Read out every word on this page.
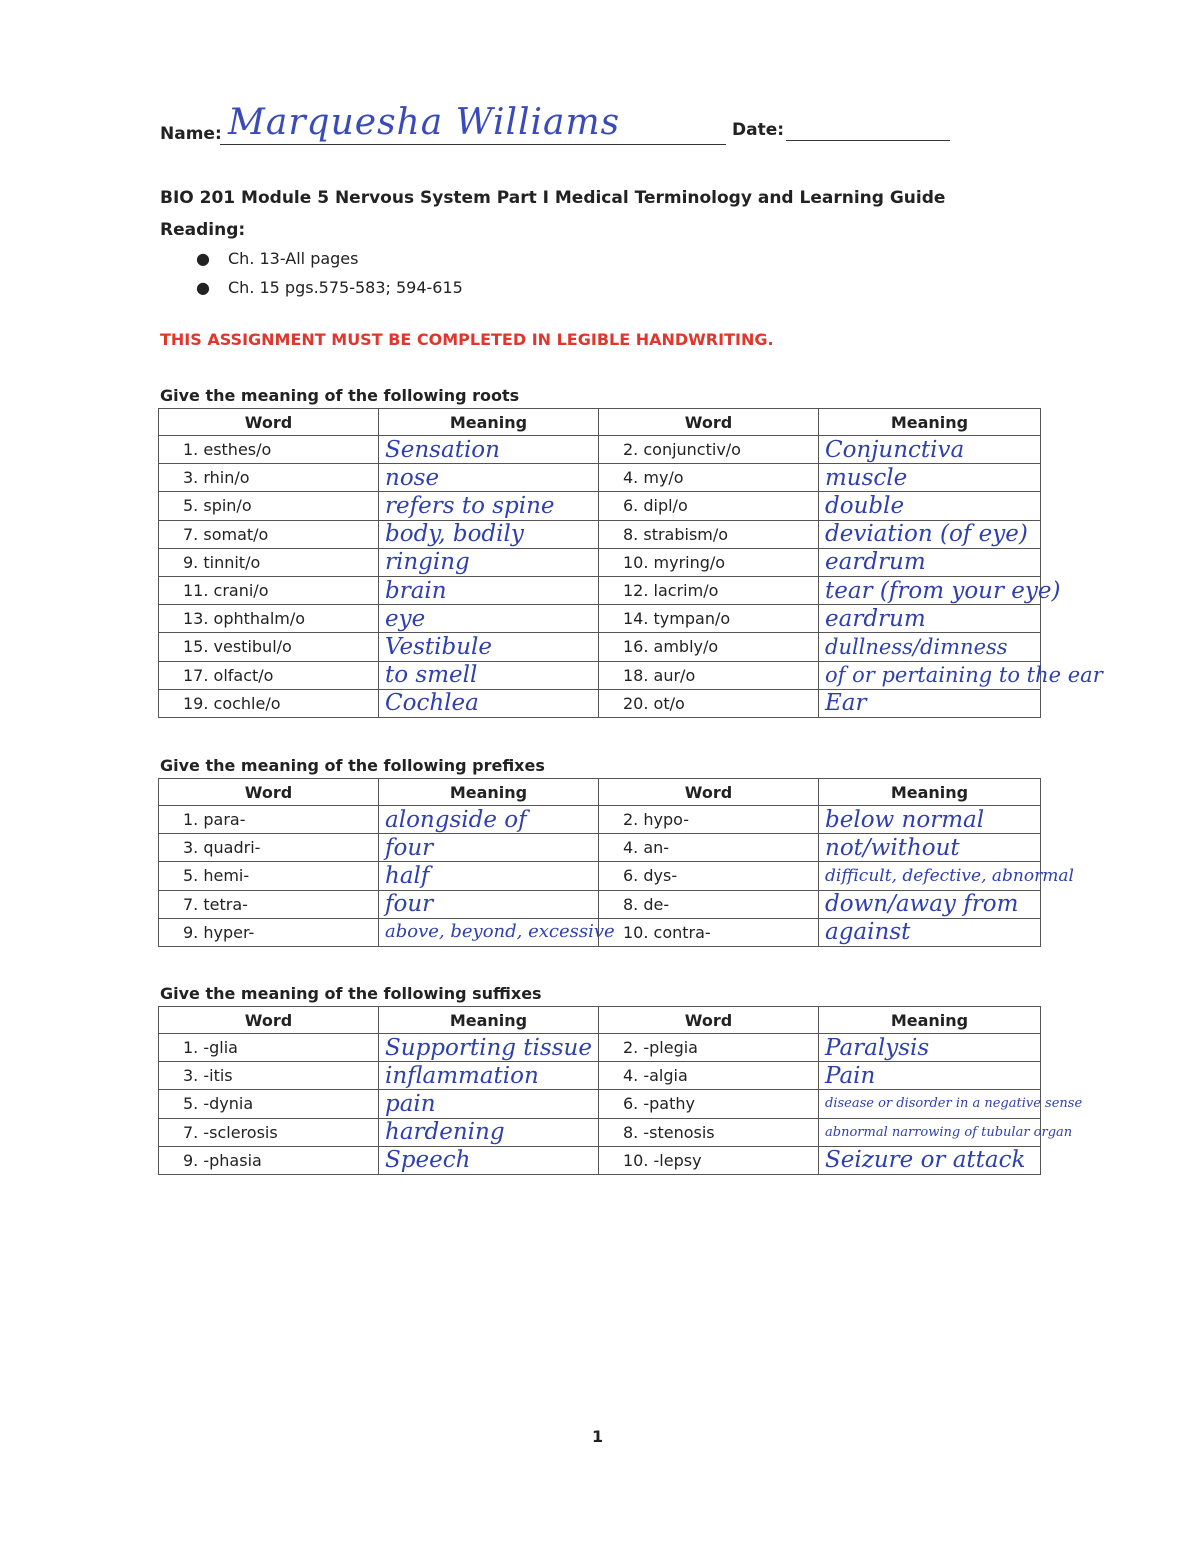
Name: Marquesha Williams	Date:
BIO 201 Module 5 Nervous System Part I Medical Terminology and Learning Guide
Reading:
● Ch. 13-All pages
● Ch. 15 pgs.575-583; 594-615
THIS ASSIGNMENT MUST BE COMPLETED IN LEGIBLE HANDWRITING.
Give the meaning of the following roots
Word	Meaning	Word	Meaning
1. esthes/o	Sensation	2. conjunctiv/o	Conjunctiva
3. rhin/o	nose	4. my/o	muscle
5. spin/o	refers to spine	6. dipl/o	double
7. somat/o	body, bodily	8. strabism/o	deviation (of eye)
9. tinnit/o	ringing	10. myring/o	eardrum
11. crani/o	brain	12. lacrim/o	tear (from your eye)
13. ophthalm/o	eye	14. tympan/o	eardrum
15. vestibul/o	Vestibule	16. ambly/o	dullness/dimness
17. olfact/o	to smell	18. aur/o	of or pertaining to the ear
19. cochle/o	Cochlea	20. ot/o	Ear
Give the meaning of the following prefixes
Word	Meaning	Word	Meaning
1. para-	alongside of	2. hypo-	below normal
3. quadri-	four	4. an-	not/without
5. hemi-	half	6. dys-	difficult, defective, abnormal
7. tetra-	four	8. de-	down/away from
9. hyper-	above, beyond, excessive	10. contra-	against
Give the meaning of the following suffixes
Word	Meaning	Word	Meaning
1. -glia	Supporting tissue	2. -plegia	Paralysis
3. -itis	inflammation	4. -algia	Pain
5. -dynia	pain	6. -pathy	disease or disorder in a negative sense
7. -sclerosis	hardening	8. -stenosis	abnormal narrowing of tubular organ
9. -phasia	Speech	10. -lepsy	Seizure or attack
1
